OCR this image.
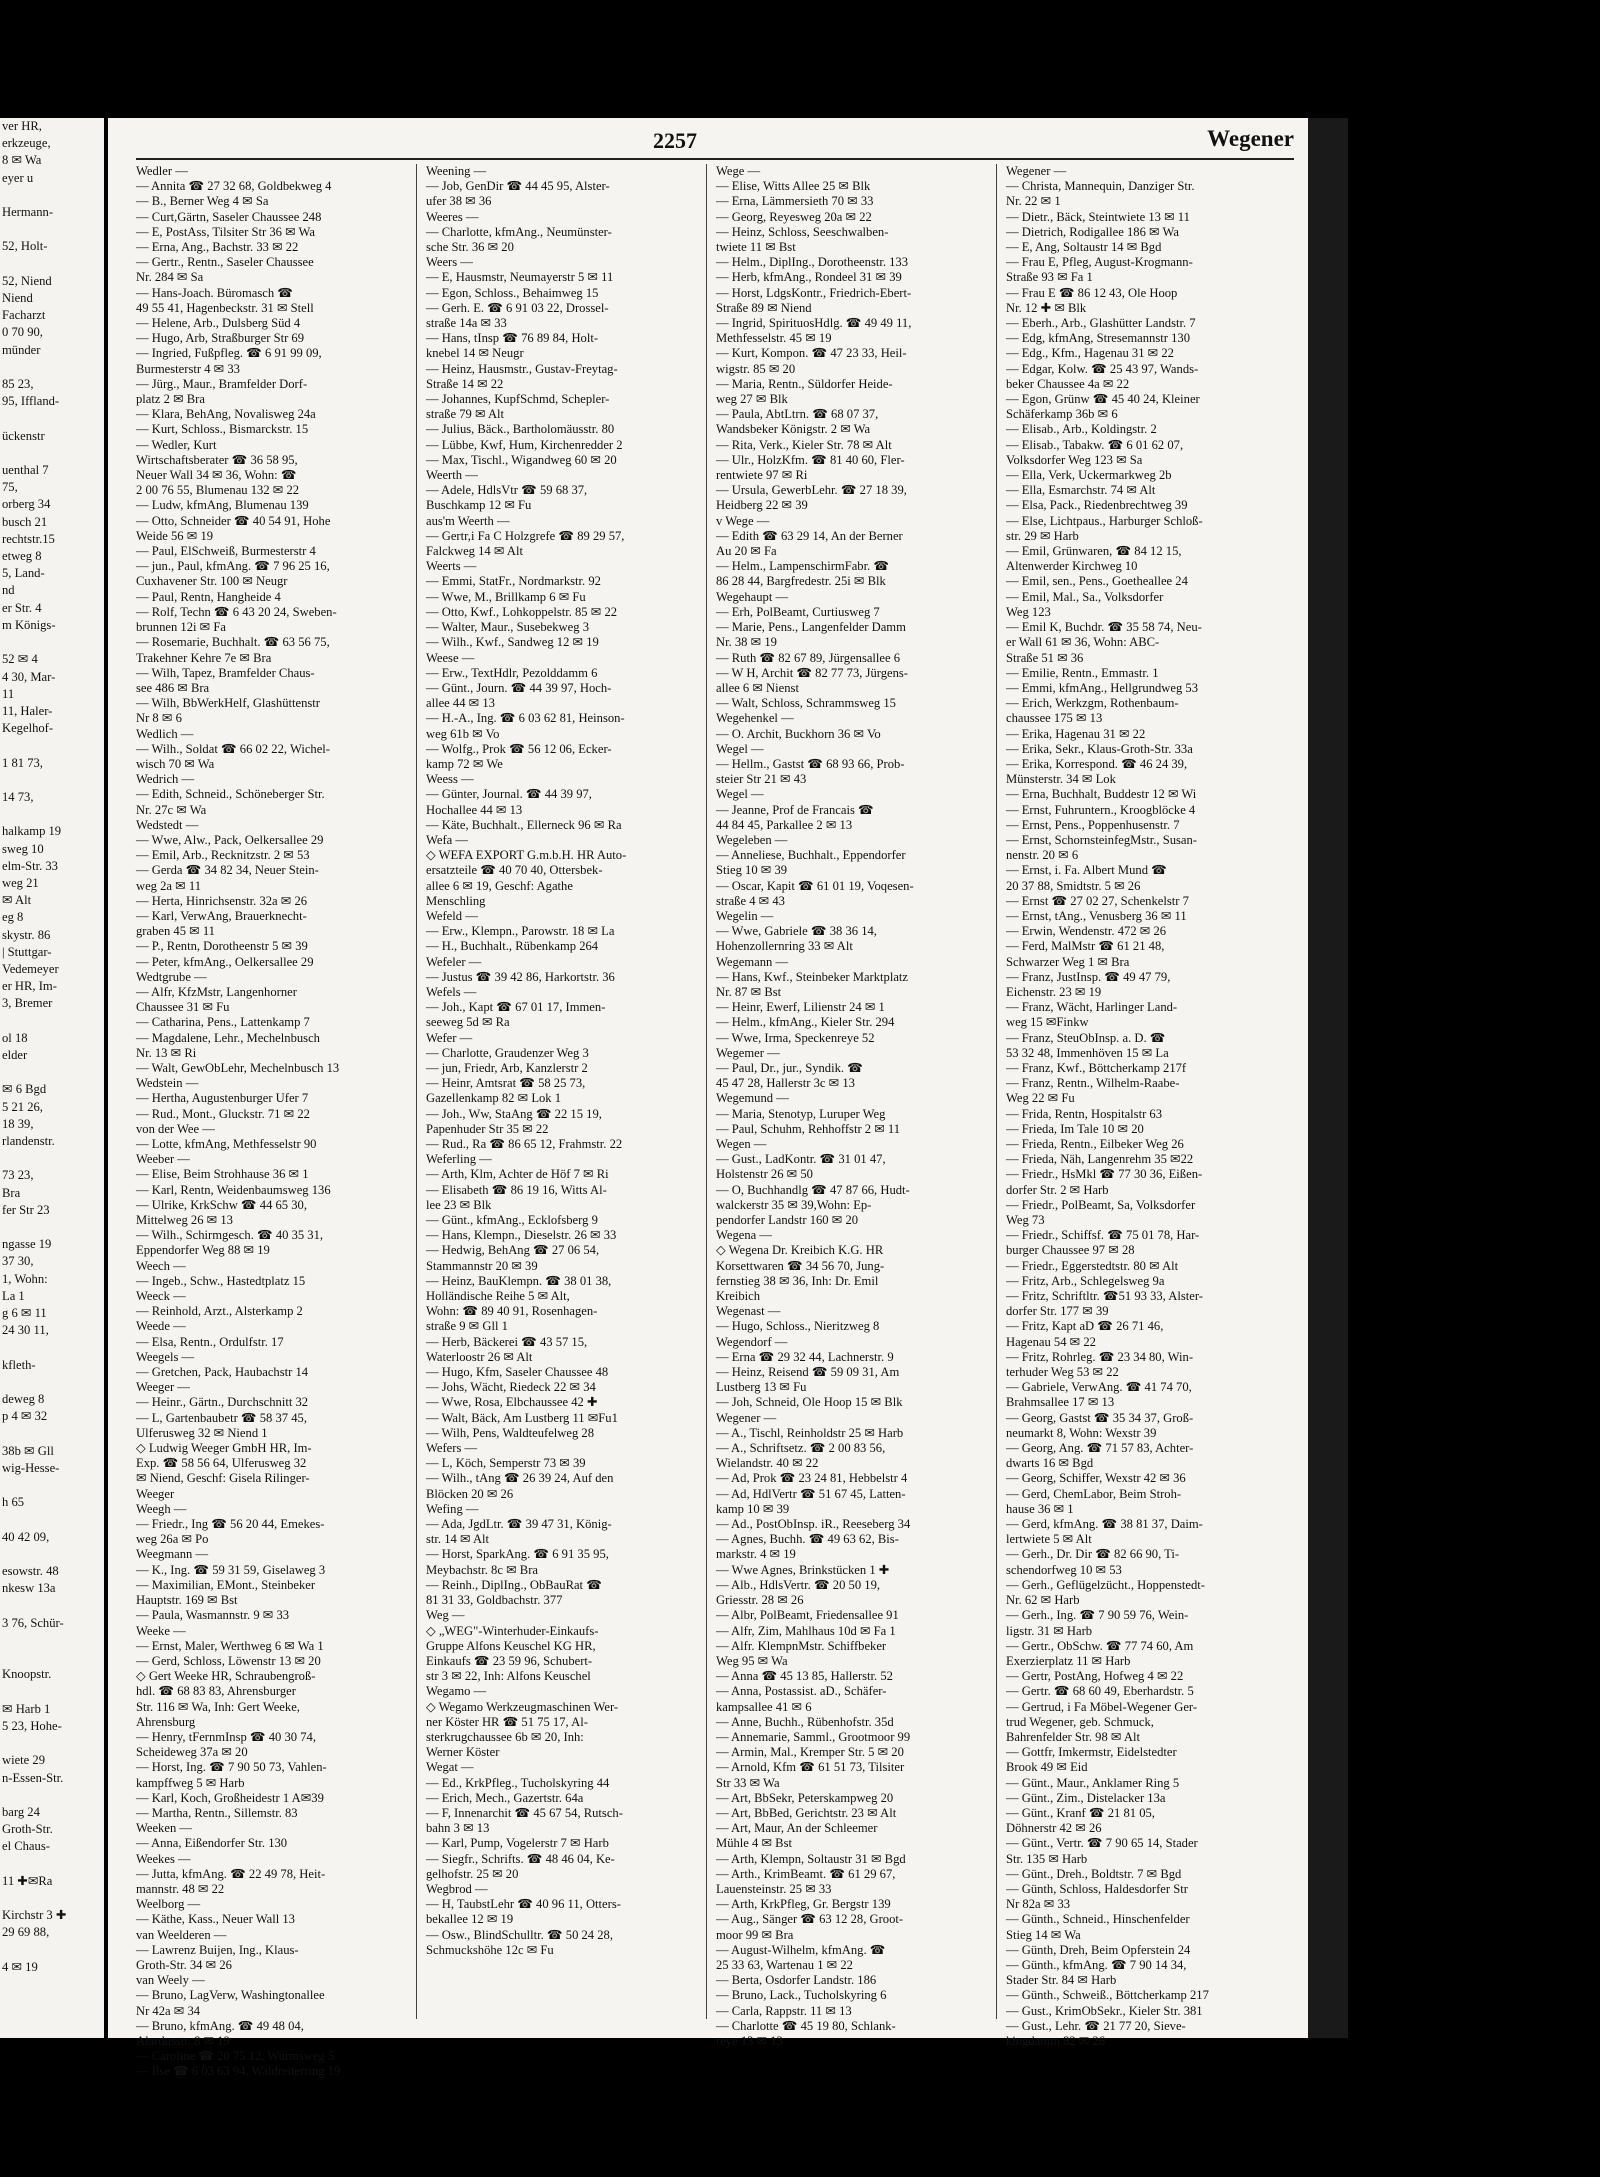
ver HR,
erkzeuge,
8 ✉ Wa
eyer u

Hermann-

52, Holt-

52, Niend
Niend
Facharzt
0 70 90,
münder

85 23,
95, Iffland-

ückenstr

uenthal 7
75,
orberg 34
busch 21
rechtstr.15
etweg 8
5, Land-
nd
er Str. 4
m Königs-

52 ✉ 4
4 30, Mar-
11
11, Haler-
Kegelhof-

1 81 73,

14 73,

halkamp 19
sweg 10
elm-Str. 33
weg 21
✉ Alt
eg 8
skystr. 86
| Stuttgar-
Vedemeyer
er HR, Im-
3, Bremer

ol 18
elder

✉ 6 Bgd
5 21 26,
18 39,
rlandenstr.

73 23,
Bra
fer Str 23

ngasse 19
37 30,
1, Wohn:
La 1
g 6 ✉ 11
24 30 11,

kfleth-

deweg 8
p 4 ✉ 32

38b ✉ Gll
wig-Hesse-

h 65

40 42 09,

esowstr. 48
nkesw 13a

3 76, Schür-

Knoopstr.

✉ Harb 1
5 23, Hohe-

wiete 29
n-Essen-Str.

barg 24
Groth-Str.
el Chaus-

11 ✚✉Ra

Kirchstr 3 ✚
29 69 88,

4 ✉ 19
2257	Wegener
Wedler —
— Annita ☎ 27 32 68, Goldbekweg 4
— B., Berner Weg 4 ✉ Sa
— Curt,Gärtn, Saseler Chaussee 248
— E, PostAss, Tilsiter Str 36 ✉ Wa
— Erna, Ang., Bachstr. 33 ✉ 22
— Gertr., Rentn., Saseler Chaussee
Nr. 284 ✉ Sa
— Hans-Joach. Büromasch ☎
49 55 41, Hagenbeckstr. 31 ✉ Stell
— Helene, Arb., Dulsberg Süd 4
— Hugo, Arb, Straßburger Str 69
— Ingried, Fußpfleg. ☎ 6 91 99 09,
Burmesterstr 4 ✉ 33
— Jürg., Maur., Bramfelder Dorf-
platz 2 ✉ Bra
— Klara, BehAng, Novalisweg 24a
— Kurt, Schloss., Bismarckstr. 15
— Wedler, Kurt
Wirtschaftsberater ☎ 36 58 95,
Neuer Wall 34 ✉ 36, Wohn: ☎
2 00 76 55, Blumenau 132 ✉ 22
— Ludw, kfmAng, Blumenau 139
— Otto, Schneider ☎ 40 54 91, Hohe
Weide 56 ✉ 19
— Paul, ElSchweiß, Burmesterstr 4
— jun., Paul, kfmAng. ☎ 7 96 25 16,
Cuxhavener Str. 100 ✉ Neugr
— Paul, Rentn, Hangheide 4
— Rolf, Techn ☎ 6 43 20 24, Sweben-
brunnen 12i ✉ Fa
— Rosemarie, Buchhalt. ☎ 63 56 75,
Trakehner Kehre 7e ✉ Bra
— Wilh, Tapez, Bramfelder Chaus-
see 486 ✉ Bra
— Wilh, BbWerkHelf, Glashüttenstr
Nr 8 ✉ 6
Wedlich —
— Wilh., Soldat ☎ 66 02 22, Wichel-
wisch 70 ✉ Wa
Wedrich —
— Edith, Schneid., Schöneberger Str.
Nr. 27c ✉ Wa
Wedstedt —
— Wwe, Alw., Pack, Oelkersallee 29
— Emil, Arb., Recknitzstr. 2 ✉ 53
— Gerda ☎ 34 82 34, Neuer Stein-
weg 2a ✉ 11
— Herta, Hinrichsenstr. 32a ✉ 26
— Karl, VerwAng, Brauerknecht-
graben 45 ✉ 11
— P., Rentn, Dorotheenstr 5 ✉ 39
— Peter, kfmAng., Oelkersallee 29
Wedtgrube —
— Alfr, KfzMstr, Langenhorner
Chaussee 31 ✉ Fu
— Catharina, Pens., Lattenkamp 7
— Magdalene, Lehr., Mechelnbusch
Nr. 13 ✉ Ri
— Walt, GewObLehr, Mechelnbusch 13
Wedstein —
— Hertha, Augustenburger Ufer 7
— Rud., Mont., Gluckstr. 71 ✉ 22
von der Wee —
— Lotte, kfmAng, Methfesselstr 90
Weeber —
— Elise, Beim Strohhause 36 ✉ 1
— Karl, Rentn, Weidenbaumsweg 136
— Ulrike, KrkSchw ☎ 44 65 30,
Mittelweg 26 ✉ 13
— Wilh., Schirmgesch. ☎ 40 35 31,
Eppendorfer Weg 88 ✉ 19
Weech —
— Ingeb., Schw., Hastedtplatz 15
Weeck —
— Reinhold, Arzt., Alsterkamp 2
Weede —
— Elsa, Rentn., Ordulfstr. 17
Weegels —
— Gretchen, Pack, Haubachstr 14
Weeger —
— Heinr., Gärtn., Durchschnitt 32
— L, Gartenbaubetr ☎ 58 37 45,
Ulferusweg 32 ✉ Niend 1
◇ Ludwig Weeger GmbH HR, Im-
Exp. ☎ 58 56 64, Ulferusweg 32
✉ Niend, Geschf: Gisela Rilinger-
Weeger
Weegh —
— Friedr., Ing ☎ 56 20 44, Emekes-
weg 26a ✉ Po
Weegmann —
— K., Ing. ☎ 59 31 59, Giselaweg 3
— Maximilian, EMont., Steinbeker
Hauptstr. 169 ✉ Bst
— Paula, Wasmannstr. 9 ✉ 33
Weeke —
— Ernst, Maler, Werthweg 6 ✉ Wa 1
— Gerd, Schloss, Löwenstr 13 ✉ 20
◇ Gert Weeke HR, Schraubengroß-
hdl. ☎ 68 83 83, Ahrensburger
Str. 116 ✉ Wa, Inh: Gert Weeke,
Ahrensburg
— Henry, tFernmInsp ☎ 40 30 74,
Scheideweg 37a ✉ 20
— Horst, Ing. ☎ 7 90 50 73, Vahlen-
kampffweg 5 ✉ Harb
— Karl, Koch, Großheidestr 1 A✉39
— Martha, Rentn., Sillemstr. 83
Weeken —
— Anna, Eißendorfer Str. 130
Weekes —
— Jutta, kfmAng. ☎ 22 49 78, Heit-
mannstr. 48 ✉ 22
Weelborg —
— Käthe, Kass., Neuer Wall 13
van Weelderen —
— Lawrenz Buijen, Ing., Klaus-
Groth-Str. 34 ✉ 26
van Weely —
— Bruno, LagVerw, Washingtonallee
Nr 42a ✉ 34
— Bruno, kfmAng. ☎ 49 48 04,
Alardusstr. 8 ✉ 19
— Caroline ☎ 20 75 12, Wurmsweg 5
— Ilse ☎ 6 03 63 94, Waldreiterring 19
Weening —
— Job, GenDir ☎ 44 45 95, Alster-
ufer 38 ✉ 36
Weeres —
— Charlotte, kfmAng., Neumünster-
sche Str. 36 ✉ 20
Weers —
— E, Hausmstr, Neumayerstr 5 ✉ 11
— Egon, Schloss., Behaimweg 15
— Gerh. E. ☎ 6 91 03 22, Drossel-
straße 14a ✉ 33
— Hans, tInsp ☎ 76 89 84, Holt-
knebel 14 ✉ Neugr
— Heinz, Hausmstr., Gustav-Freytag-
Straße 14 ✉ 22
— Johannes, KupfSchmd, Schepler-
straße 79 ✉ Alt
— Julius, Bäck., Bartholomäusstr. 80
— Lübbe, Kwf, Hum, Kirchenredder 2
— Max, Tischl., Wigandweg 60 ✉ 20
Weerth —
— Adele, HdlsVtr ☎ 59 68 37,
Buschkamp 12 ✉ Fu
aus'm Weerth —
— Gertr,i Fa C Holzgrefe ☎ 89 29 57,
Falckweg 14 ✉ Alt
Weerts —
— Emmi, StatFr., Nordmarkstr. 92
— Wwe, M., Brillkamp 6 ✉ Fu
— Otto, Kwf., Lohkoppelstr. 85 ✉ 22
— Walter, Maur., Susebekweg 3
— Wilh., Kwf., Sandweg 12 ✉ 19
Weese —
— Erw., TextHdlr, Pezolddamm 6
— Günt., Journ. ☎ 44 39 97, Hoch-
allee 44 ✉ 13
— H.-A., Ing. ☎ 6 03 62 81, Heinson-
weg 61b ✉ Vo
— Wolfg., Prok ☎ 56 12 06, Ecker-
kamp 72 ✉ We
Weess —
— Günter, Journal. ☎ 44 39 97,
Hochallee 44 ✉ 13
— Käte, Buchhalt., Ellerneck 96 ✉ Ra
Wefa —
◇ WEFA EXPORT G.m.b.H. HR Auto-
ersatzteile ☎ 40 70 40, Ottersbek-
allee 6 ✉ 19, Geschf: Agathe
Menschling
Wefeld —
— Erw., Klempn., Parowstr. 18 ✉ La
— H., Buchhalt., Rübenkamp 264
Wefeler —
— Justus ☎ 39 42 86, Harkortstr. 36
Wefels —
— Joh., Kapt ☎ 67 01 17, Immen-
seeweg 5d ✉ Ra
Wefer —
— Charlotte, Graudenzer Weg 3
— jun, Friedr, Arb, Kanzlerstr 2
— Heinr, Amtsrat ☎ 58 25 73,
Gazellenkamp 82 ✉ Lok 1
— Joh., Ww, StaAng ☎ 22 15 19,
Papenhuder Str 35 ✉ 22
— Rud., Ra ☎ 86 65 12, Frahmstr. 22
Weferling —
— Arth, Klm, Achter de Höf 7 ✉ Ri
— Elisabeth ☎ 86 19 16, Witts Al-
lee 23 ✉ Blk
— Günt., kfmAng., Ecklofsberg 9
— Hans, Klempn., Dieselstr. 26 ✉ 33
— Hedwig, BehAng ☎ 27 06 54,
Stammannstr 20 ✉ 39
— Heinz, BauKlempn. ☎ 38 01 38,
Holländische Reihe 5 ✉ Alt,
Wohn: ☎ 89 40 91, Rosenhagen-
straße 9 ✉ Gll 1
— Herb, Bäckerei ☎ 43 57 15,
Waterloostr 26 ✉ Alt
— Hugo, Kfm, Saseler Chaussee 48
— Johs, Wächt, Riedeck 22 ✉ 34
— Wwe, Rosa, Elbchaussee 42 ✚
— Walt, Bäck, Am Lustberg 11 ✉Fu1
— Wilh, Pens, Waldteufelweg 28
Wefers —
— L, Köch, Semperstr 73 ✉ 39
— Wilh., tAng ☎ 26 39 24, Auf den
Blöcken 20 ✉ 26
Wefing —
— Ada, JgdLtr. ☎ 39 47 31, König-
str. 14 ✉ Alt
— Horst, SparkAng. ☎ 6 91 35 95,
Meybachstr. 8c ✉ Bra
— Reinh., DiplIng., ObBauRat ☎
81 31 33, Goldbachstr. 377
Weg —
◇ „WEG"-Winterhuder-Einkaufs-
Gruppe Alfons Keuschel KG HR,
Einkaufs ☎ 23 59 96, Schubert-
str 3 ✉ 22, Inh: Alfons Keuschel
Wegamo —
◇ Wegamo Werkzeugmaschinen Wer-
ner Köster HR ☎ 51 75 17, Al-
sterkrugchaussee 6b ✉ 20, Inh:
Werner Köster
Wegat —
— Ed., KrkPfleg., Tucholskyring 44
— Erich, Mech., Gazertstr. 64a
— F, Innenarchit ☎ 45 67 54, Rutsch-
bahn 3 ✉ 13
— Karl, Pump, Vogelerstr 7 ✉ Harb
— Siegfr., Schrifts. ☎ 48 46 04, Ke-
gelhofstr. 25 ✉ 20
Wegbrod —
— H, TaubstLehr ☎ 40 96 11, Otters-
bekallee 12 ✉ 19
— Osw., BlindSchulltr. ☎ 50 24 28,
Schmuckshöhe 12c ✉ Fu
Wege —
— Elise, Witts Allee 25 ✉ Blk
— Erna, Lämmersieth 70 ✉ 33
— Georg, Reyesweg 20a ✉ 22
— Heinz, Schloss, Seeschwalben-
twiete 11 ✉ Bst
— Helm., DiplIng., Dorotheenstr. 133
— Herb, kfmAng., Rondeel 31 ✉ 39
— Horst, LdgsKontr., Friedrich-Ebert-
Straße 89 ✉ Niend
— Ingrid, SpirituosHdlg. ☎ 49 49 11,
Methfesselstr. 45 ✉ 19
— Kurt, Kompon. ☎ 47 23 33, Heil-
wigstr. 85 ✉ 20
— Maria, Rentn., Süldorfer Heide-
weg 27 ✉ Blk
— Paula, AbtLtrn. ☎ 68 07 37,
Wandsbeker Königstr. 2 ✉ Wa
— Rita, Verk., Kieler Str. 78 ✉ Alt
— Ulr., HolzKfm. ☎ 81 40 60, Fler-
rentwiete 97 ✉ Ri
— Ursula, GewerbLehr. ☎ 27 18 39,
Heidberg 22 ✉ 39
v Wege —
— Edith ☎ 63 29 14, An der Berner
Au 20 ✉ Fa
— Helm., LampenschirmFabr. ☎
86 28 44, Bargfredestr. 25i ✉ Blk
Wegehaupt —
— Erh, PolBeamt, Curtiusweg 7
— Marie, Pens., Langenfelder Damm
Nr. 38 ✉ 19
— Ruth ☎ 82 67 89, Jürgensallee 6
— W H, Archit ☎ 82 77 73, Jürgens-
allee 6 ✉ Nienst
— Walt, Schloss, Schrammsweg 15
Wegehenkel —
— O. Archit, Buckhorn 36 ✉ Vo
Wegel —
— Hellm., Gastst ☎ 68 93 66, Prob-
steier Str 21 ✉ 43
Wegel —
— Jeanne, Prof de Francais ☎
44 84 45, Parkallee 2 ✉ 13
Wegeleben —
— Anneliese, Buchhalt., Eppendorfer
Stieg 10 ✉ 39
— Oscar, Kapit ☎ 61 01 19, Voqesen-
straße 4 ✉ 43
Wegelin —
— Wwe, Gabriele ☎ 38 36 14,
Hohenzollernring 33 ✉ Alt
Wegemann —
— Hans, Kwf., Steinbeker Marktplatz
Nr. 87 ✉ Bst
— Heinr, Ewerf, Lilienstr 24 ✉ 1
— Helm., kfmAng., Kieler Str. 294
— Wwe, Irma, Speckenreye 52
Wegemer —
— Paul, Dr., jur., Syndik. ☎
45 47 28, Hallerstr 3c ✉ 13
Wegemund —
— Maria, Stenotyp, Luruper Weg
— Paul, Schuhm, Rehhoffstr 2 ✉ 11
Wegen —
— Gust., LadKontr. ☎ 31 01 47,
Holstenstr 26 ✉ 50
— O, Buchhandlg ☎ 47 87 66, Hudt-
walckerstr 35 ✉ 39,Wohn: Ep-
pendorfer Landstr 160 ✉ 20
Wegena —
◇ Wegena Dr. Kreibich K.G. HR
Korsettwaren ☎ 34 56 70, Jung-
fernstieg 38 ✉ 36, Inh: Dr. Emil
Kreibich
Wegenast —
— Hugo, Schloss., Nieritzweg 8
Wegendorf —
— Erna ☎ 29 32 44, Lachnerstr. 9
— Heinz, Reisend ☎ 59 09 31, Am
Lustberg 13 ✉ Fu
— Joh, Schneid, Ole Hoop 15 ✉ Blk
Wegener —
— A., Tischl, Reinholdstr 25 ✉ Harb
— A., Schriftsetz. ☎ 2 00 83 56,
Wielandstr. 40 ✉ 22
— Ad, Prok ☎ 23 24 81, Hebbelstr 4
— Ad, HdlVertr ☎ 51 67 45, Latten-
kamp 10 ✉ 39
— Ad., PostObInsp. iR., Reeseberg 34
— Agnes, Buchh. ☎ 49 63 62, Bis-
markstr. 4 ✉ 19
— Wwe Agnes, Brinkstücken 1 ✚
— Alb., HdlsVertr. ☎ 20 50 19,
Griesstr. 28 ✉ 26
— Albr, PolBeamt, Friedensallee 91
— Alfr, Zim, Mahlhaus 10d ✉ Fa 1
— Alfr. KlempnMstr. Schiffbeker
Weg 95 ✉ Wa
— Anna ☎ 45 13 85, Hallerstr. 52
— Anna, Postassist. aD., Schäfer-
kampsallee 41 ✉ 6
— Anne, Buchh., Rübenhofstr. 35d
— Annemarie, Samml., Grootmoor 99
— Armin, Mal., Kremper Str. 5 ✉ 20
— Arnold, Kfm ☎ 61 51 73, Tilsiter
Str 33 ✉ Wa
— Art, BbSekr, Peterskampweg 20
— Art, BbBed, Gerichtstr. 23 ✉ Alt
— Art, Maur, An der Schleemer
Mühle 4 ✉ Bst
— Arth, Klempn, Soltaustr 31 ✉ Bgd
— Arth., KrimBeamt. ☎ 61 29 67,
Lauensteinstr. 25 ✉ 33
— Arth, KrkPfleg, Gr. Bergstr 139
— Aug., Sänger ☎ 63 12 28, Groot-
moor 99 ✉ Bra
— August-Wilhelm, kfmAng. ☎
25 33 63, Wartenau 1 ✉ 22
— Berta, Osdorfer Landstr. 186
— Bruno, Lack., Tucholskyring 6
— Carla, Rappstr. 11 ✉ 13
— Charlotte ☎ 45 19 80, Schlank-
reye 13 ✉ 13
Wegener —
— Christa, Mannequin, Danziger Str.
Nr. 22 ✉ 1
— Dietr., Bäck, Steintwiete 13 ✉ 11
— Dietrich, Rodigallee 186 ✉ Wa
— E, Ang, Soltaustr 14 ✉ Bgd
— Frau E, Pfleg, August-Krogmann-
Straße 93 ✉ Fa 1
— Frau E ☎ 86 12 43, Ole Hoop
Nr. 12 ✚ ✉ Blk
— Eberh., Arb., Glashütter Landstr. 7
— Edg, kfmAng, Stresemannstr 130
— Edg., Kfm., Hagenau 31 ✉ 22
— Edgar, Kolw. ☎ 25 43 97, Wands-
beker Chaussee 4a ✉ 22
— Egon, Grünw ☎ 45 40 24, Kleiner
Schäferkamp 36b ✉ 6
— Elisab., Arb., Koldingstr. 2
— Elisab., Tabakw. ☎ 6 01 62 07,
Volksdorfer Weg 123 ✉ Sa
— Ella, Verk, Uckermarkweg 2b
— Ella, Esmarchstr. 74 ✉ Alt
— Elsa, Pack., Riedenbrechtweg 39
— Else, Lichtpaus., Harburger Schloß-
str. 29 ✉ Harb
— Emil, Grünwaren, ☎ 84 12 15,
Altenwerder Kirchweg 10
— Emil, sen., Pens., Goetheallee 24
— Emil, Mal., Sa., Volksdorfer
Weg 123
— Emil K, Buchdr. ☎ 35 58 74, Neu-
er Wall 61 ✉ 36, Wohn: ABC-
Straße 51 ✉ 36
— Emilie, Rentn., Emmastr. 1
— Emmi, kfmAng., Hellgrundweg 53
— Erich, Werkzgm, Rothenbaum-
chaussee 175 ✉ 13
— Erika, Hagenau 31 ✉ 22
— Erika, Sekr., Klaus-Groth-Str. 33a
— Erika, Korrespond. ☎ 46 24 39,
Münsterstr. 34 ✉ Lok
— Erna, Buchhalt, Buddestr 12 ✉ Wi
— Ernst, Fuhruntern., Kroogblöcke 4
— Ernst, Pens., Poppenhusenstr. 7
— Ernst, SchornsteinfegMstr., Susan-
nenstr. 20 ✉ 6
— Ernst, i. Fa. Albert Mund ☎
20 37 88, Smidtstr. 5 ✉ 26
— Ernst ☎ 27 02 27, Schenkelstr 7
— Ernst, tAng., Venusberg 36 ✉ 11
— Erwin, Wendenstr. 472 ✉ 26
— Ferd, MalMstr ☎ 61 21 48,
Schwarzer Weg 1 ✉ Bra
— Franz, JustInsp. ☎ 49 47 79,
Eichenstr. 23 ✉ 19
— Franz, Wächt, Harlinger Land-
weg 15 ✉Finkw
— Franz, SteuObInsp. a. D. ☎
53 32 48, Immenhöven 15 ✉ La
— Franz, Kwf., Böttcherkamp 217f
— Franz, Rentn., Wilhelm-Raabe-
Weg 22 ✉ Fu
— Frida, Rentn, Hospitalstr 63
— Frieda, Im Tale 10 ✉ 20
— Frieda, Rentn., Eilbeker Weg 26
— Frieda, Näh, Langenrehm 35 ✉22
— Friedr., HsMkl ☎ 77 30 36, Eißen-
dorfer Str. 2 ✉ Harb
— Friedr., PolBeamt, Sa, Volksdorfer
Weg 73
— Friedr., Schiffsf. ☎ 75 01 78, Har-
burger Chaussee 97 ✉ 28
— Friedr., Eggerstedtstr. 80 ✉ Alt
— Fritz, Arb., Schlegelsweg 9a
— Fritz, Schriftltr. ☎51 93 33, Alster-
dorfer Str. 177 ✉ 39
— Fritz, Kapt aD ☎ 26 71 46,
Hagenau 54 ✉ 22
— Fritz, Rohrleg. ☎ 23 34 80, Win-
terhuder Weg 53 ✉ 22
— Gabriele, VerwAng. ☎ 41 74 70,
Brahmsallee 17 ✉ 13
— Georg, Gastst ☎ 35 34 37, Groß-
neumarkt 8, Wohn: Wexstr 39
— Georg, Ang. ☎ 71 57 83, Achter-
dwarts 16 ✉ Bgd
— Georg, Schiffer, Wexstr 42 ✉ 36
— Gerd, ChemLabor, Beim Stroh-
hause 36 ✉ 1
— Gerd, kfmAng. ☎ 38 81 37, Daim-
lertwiete 5 ✉ Alt
— Gerh., Dr. Dir ☎ 82 66 90, Ti-
schendorfweg 10 ✉ 53
— Gerh., Geflügelzücht., Hoppenstedt-
Nr. 62 ✉ Harb
— Gerh., Ing. ☎ 7 90 59 76, Wein-
ligstr. 31 ✉ Harb
— Gertr., ObSchw. ☎ 77 74 60, Am
Exerzierplatz 11 ✉ Harb
— Gertr, PostAng, Hofweg 4 ✉ 22
— Gertr. ☎ 68 60 49, Eberhardstr. 5
— Gertrud, i Fa Möbel-Wegener Ger-
trud Wegener, geb. Schmuck,
Bahrenfelder Str. 98 ✉ Alt
— Gottfr, Imkermstr, Eidelstedter
Brook 49 ✉ Eid
— Günt., Maur., Anklamer Ring 5
— Günt., Zim., Distelacker 13a
— Günt., Kranf ☎ 21 81 05,
Döhnerstr 42 ✉ 26
— Günt., Vertr. ☎ 7 90 65 14, Stader
Str. 135 ✉ Harb
— Günt., Dreh., Boldtstr. 7 ✉ Bgd
— Günth, Schloss, Haldesdorfer Str
Nr 82a ✉ 33
— Günth., Schneid., Hinschenfelder
Stieg 14 ✉ Wa
— Günth, Dreh, Beim Opferstein 24
— Günth., kfmAng. ☎ 7 90 14 34,
Stader Str. 84 ✉ Harb
— Günth., Schweiß., Böttcherkamp 217
— Gust., KrimObSekr., Kieler Str. 381
— Gust., Lehr. ☎ 21 77 20, Sieve-
kingdamm 82 ✉ 26
